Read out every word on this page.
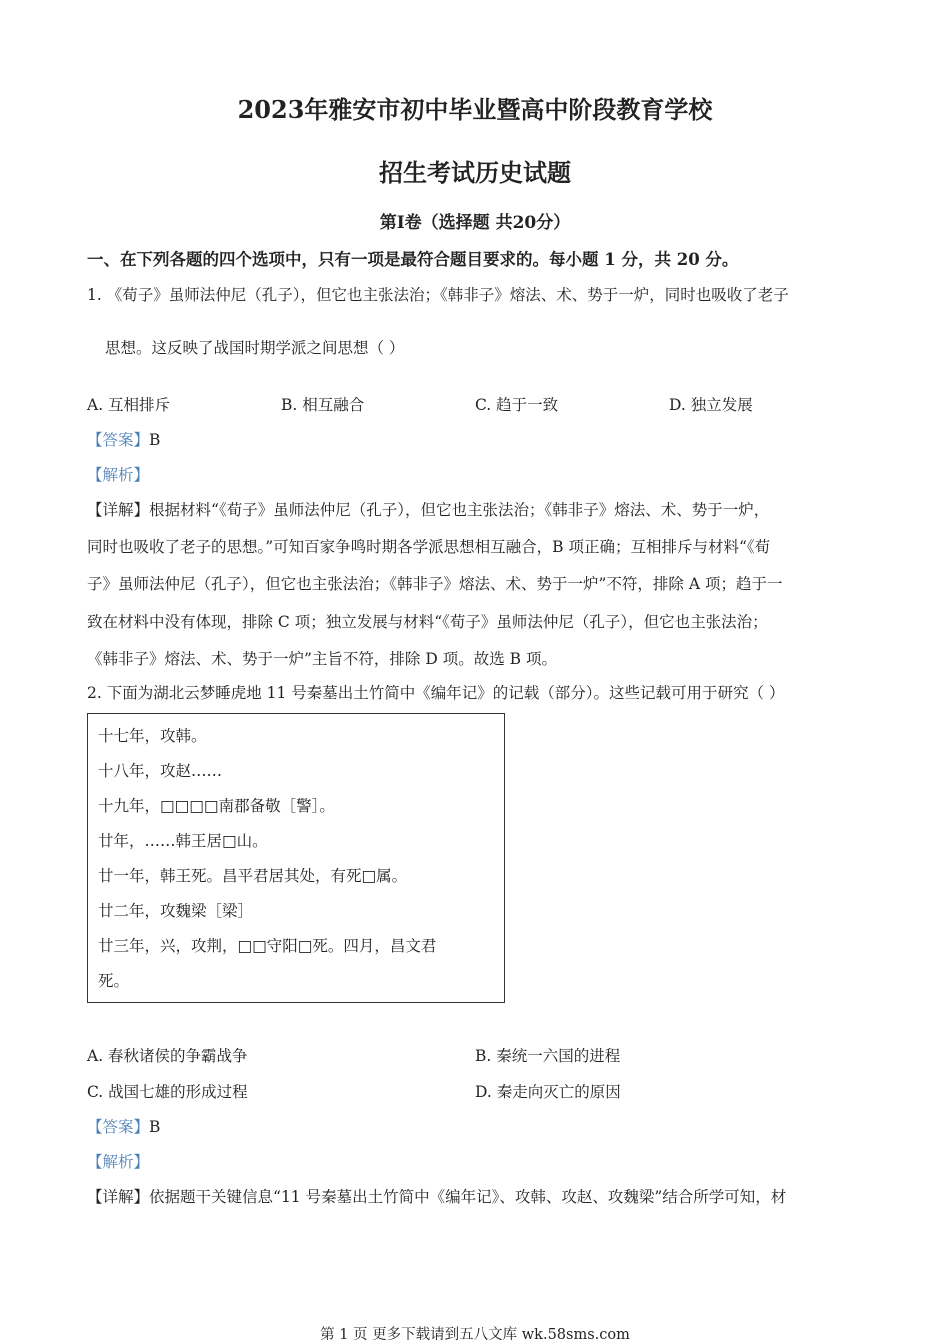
2023年雅安市初中毕业暨高中阶段教育学校
招生考试历史试题
第Ⅰ卷（选择题 共20分）
一、在下列各题的四个选项中，只有一项是最符合题目要求的。每小题 1 分，共 20 分。
1. 《荀子》虽师法仲尼（孔子），但它也主张法治；《韩非子》熔法、术、势于一炉，同时也吸收了老子
思想。这反映了战国时期学派之间思想（ ）
A. 互相排斥	B. 相互融合	C. 趋于一致	D. 独立发展
【答案】B
【解析】
【详解】根据材料“《荀子》虽师法仲尼（孔子），但它也主张法治；《韩非子》熔法、术、势于一炉，
同时也吸收了老子的思想。”可知百家争鸣时期各学派思想相互融合，B 项正确；互相排斥与材料“《荀
子》虽师法仲尼（孔子），但它也主张法治；《韩非子》熔法、术、势于一炉”不符，排除 A 项；趋于一
致在材料中没有体现，排除 C 项；独立发展与材料“《荀子》虽师法仲尼（孔子），但它也主张法治；
《韩非子》熔法、术、势于一炉”主旨不符，排除 D 项。故选 B 项。
2. 下面为湖北云梦睡虎地 11 号秦墓出土竹简中《编年记》的记载（部分）。这些记载可用于研究（ ）
十七年，攻韩。
十八年，攻赵……
十九年，□□□□南郡备敬［警］。
廿年，……韩王居□山。
廿一年，韩王死。昌平君居其处，有死□属。
廿二年，攻魏梁［梁］
廿三年，兴，攻荆，□□守阳□死。四月，昌文君
死。
A. 春秋诸侯的争霸战争	B. 秦统一六国的进程
C. 战国七雄的形成过程	D. 秦走向灭亡的原因
【答案】B
【解析】
【详解】依据题干关键信息“11 号秦墓出土竹简中《编年记》、攻韩、攻赵、攻魏梁”结合所学可知，材
第 1 页 更多下载请到五八文库 wk.58sms.com
